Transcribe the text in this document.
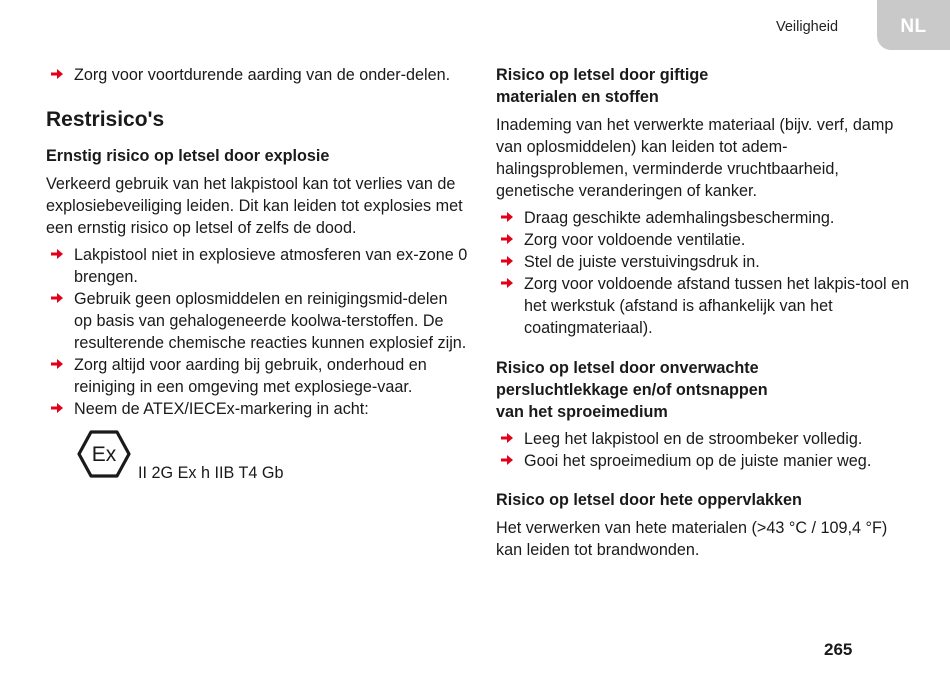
Veiligheid	NL
Zorg voor voortdurende aarding van de onder-delen.
Restrisico's
Ernstig risico op letsel door explosie

Verkeerd gebruik van het lakpistool kan tot verlies van de explosiebeveiliging leiden. Dit kan leiden tot explosies met een ernstig risico op letsel of zelfs de dood.

Lakpistool niet in explosieve atmosferen van ex-zone 0 brengen.
Gebruik geen oplosmiddelen en reinigingsmid-delen op basis van gehalogeneerde koolwa-terstoffen. De resulterende chemische reacties kunnen explosief zijn.
Zorg altijd voor aarding bij gebruik, onderhoud en reiniging in een omgeving met explosiege-vaar.
Neem de ATEX/IECEx-markering in acht:
Ex
II 2G Ex h IIB T4 Gb
Risico op letsel door giftige
materialen en stoffen

Inademing van het verwerkte materiaal (bijv. verf, damp van oplosmiddelen) kan leiden tot adem-halingsproblemen, verminderde vruchtbaarheid, genetische veranderingen of kanker.

Draag geschikte ademhalingsbescherming.
Zorg voor voldoende ventilatie.
Stel de juiste verstuivingsdruk in.
Zorg voor voldoende afstand tussen het lakpis-tool en het werkstuk (afstand is afhankelijk van het coatingmateriaal).
Risico op letsel door onverwachte
persluchtlekkage en/of ontsnappen
van het sproeimedium
Leeg het lakpistool en de stroombeker volledig.
Gooi het sproeimedium op de juiste manier weg.
Risico op letsel door hete oppervlakken

Het verwerken van hete materialen (>43 °C / 109,4 °F) kan leiden tot brandwonden.

265
